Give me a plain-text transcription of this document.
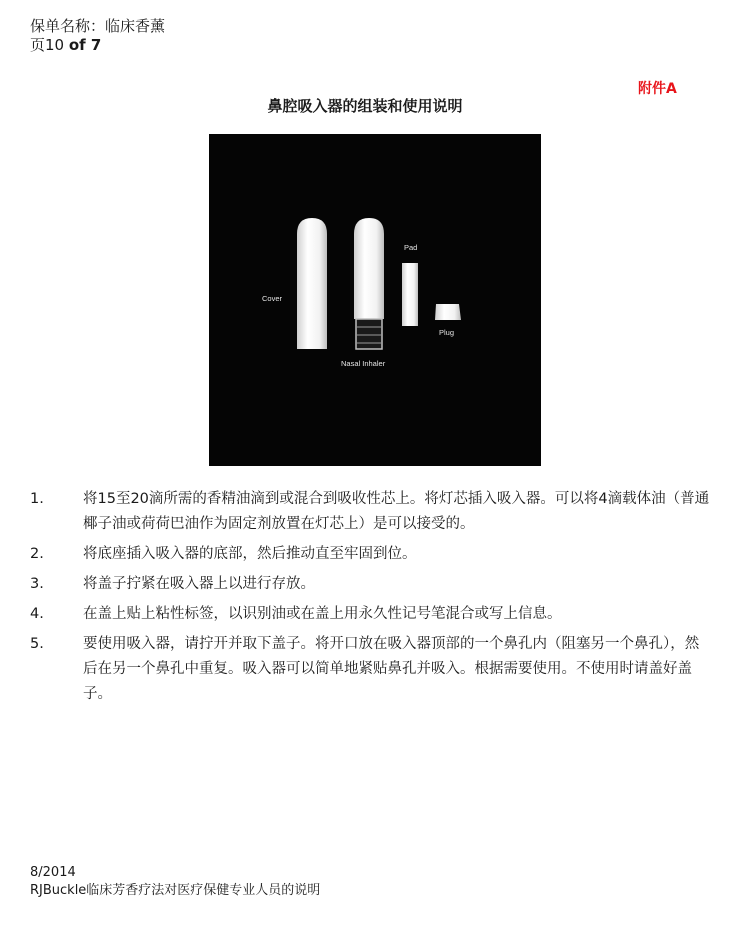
保单名称：临床香薰
页10 of 7
附件A
鼻腔吸入器的组装和使用说明
Cover
Pad
Plug
Nasal Inhaler
1.	将15至20滴所需的香精油滴到或混合到吸收性芯上。将灯芯插入吸入器。可以将4滴载体油（普通椰子油或荷荷巴油作为固定剂放置在灯芯上）是可以接受的。
2.	将底座插入吸入器的底部，然后推动直至牢固到位。
3.	将盖子拧紧在吸入器上以进行存放。
4.	在盖上贴上粘性标签，以识别油或在盖上用永久性记号笔混合或写上信息。
5.	要使用吸入器，请拧开并取下盖子。将开口放在吸入器顶部的一个鼻孔内（阻塞另一个鼻孔），然后在另一个鼻孔中重复。吸入器可以简单地紧贴鼻孔并吸入。根据需要使用。不使用时请盖好盖子。
8/2014
RJBuckle临床芳香疗法对医疗保健专业人员的说明
